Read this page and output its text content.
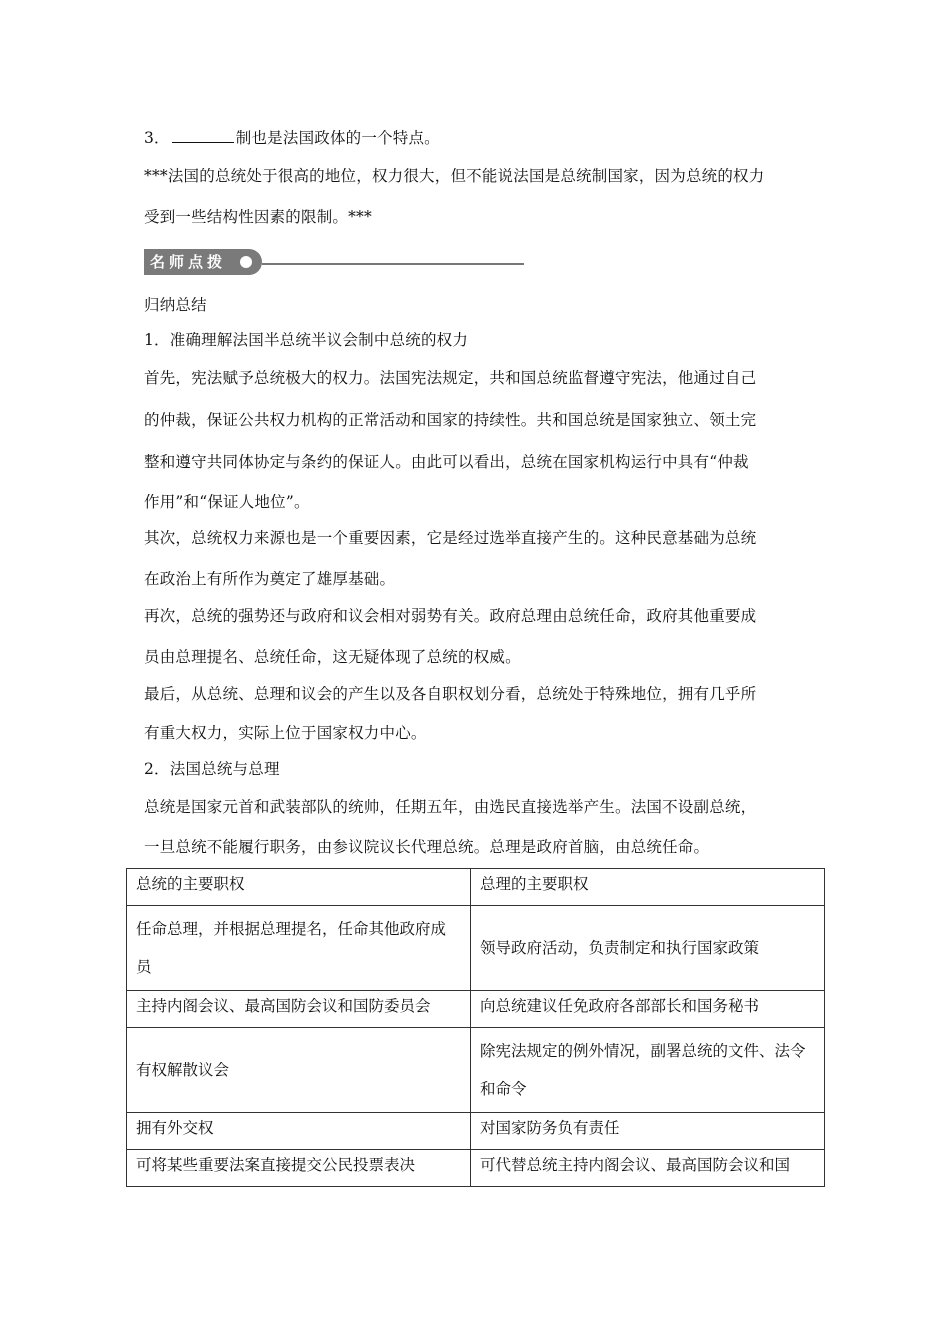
3．	制也是法国政体的一个特点。
***法国的总统处于很高的地位，权力很大，但不能说法国是总统制国家，因为总统的权力
受到一些结构性因素的限制。***
名师点拨
归纳总结
1．准确理解法国半总统半议会制中总统的权力
首先，宪法赋予总统极大的权力。法国宪法规定，共和国总统监督遵守宪法，他通过自己
的仲裁，保证公共权力机构的正常活动和国家的持续性。共和国总统是国家独立、领土完
整和遵守共同体协定与条约的保证人。由此可以看出，总统在国家机构运行中具有“仲裁
作用”和“保证人地位”。
其次，总统权力来源也是一个重要因素，它是经过选举直接产生的。这种民意基础为总统
在政治上有所作为奠定了雄厚基础。
再次，总统的强势还与政府和议会相对弱势有关。政府总理由总统任命，政府其他重要成
员由总理提名、总统任命，这无疑体现了总统的权威。
最后，从总统、总理和议会的产生以及各自职权划分看，总统处于特殊地位，拥有几乎所
有重大权力，实际上位于国家权力中心。
2．法国总统与总理
总统是国家元首和武装部队的统帅，任期五年，由选民直接选举产生。法国不设副总统，
一旦总统不能履行职务，由参议院议长代理总统。总理是政府首脑，由总统任命。
总统的主要职权	总理的主要职权
任命总理，并根据总理提名，任命其他政府成员	领导政府活动，负责制定和执行国家政策
主持内阁会议、最高国防会议和国防委员会	向总统建议任免政府各部部长和国务秘书
有权解散议会	除宪法规定的例外情况，副署总统的文件、法令和命令
拥有外交权	对国家防务负有责任
可将某些重要法案直接提交公民投票表决	可代替总统主持内阁会议、最高国防会议和国
